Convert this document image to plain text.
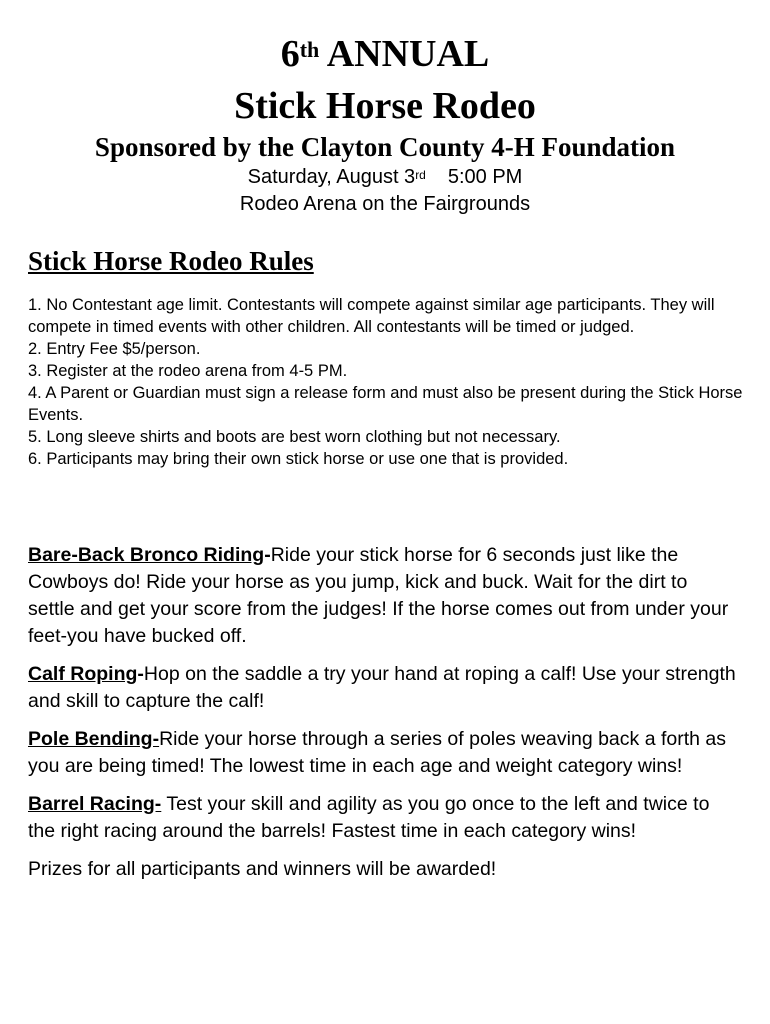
6th ANNUAL
Stick Horse Rodeo
Sponsored by the Clayton County 4-H Foundation
Saturday, August 3rd 5:00 PM
Rodeo Arena on the Fairgrounds
Stick Horse Rodeo Rules
1. No Contestant age limit. Contestants will compete against similar age participants. They will compete in timed events with other children. All contestants will be timed or judged.
2. Entry Fee $5/person.
3. Register at the rodeo arena from 4-5 PM.
4. A Parent or Guardian must sign a release form and must also be present during the Stick Horse Events.
5. Long sleeve shirts and boots are best worn clothing but not necessary.
6. Participants may bring their own stick horse or use one that is provided.

Bare-Back Bronco Riding-Ride your stick horse for 6 seconds just like the Cowboys do! Ride your horse as you jump, kick and buck. Wait for the dirt to settle and get your score from the judges! If the horse comes out from under your feet-you have bucked off.

Calf Roping-Hop on the saddle a try your hand at roping a calf! Use your strength and skill to capture the calf!

Pole Bending-Ride your horse through a series of poles weaving back a forth as you are being timed! The lowest time in each age and weight category wins!

Barrel Racing- Test your skill and agility as you go once to the left and twice to the right racing around the barrels! Fastest time in each category wins!

Prizes for all participants and winners will be awarded!
